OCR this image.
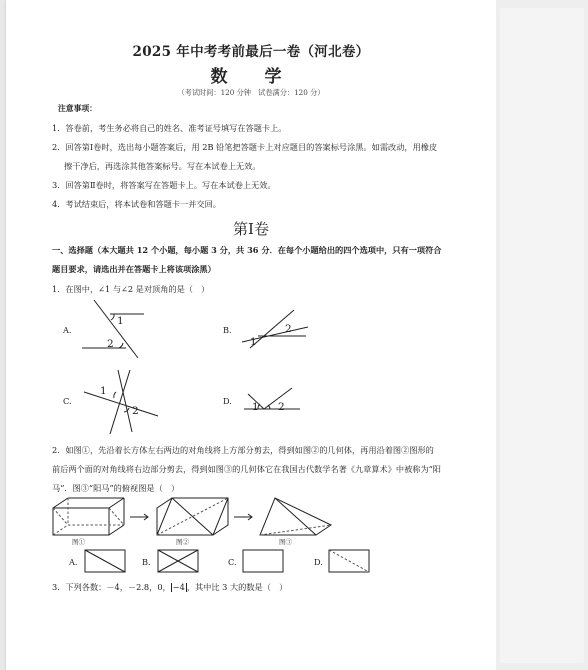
2025 年中考考前最后一卷（河北卷）
数　学
（考试时间：120 分钟　试卷满分：120 分）
注意事项：
1．答卷前，考生务必将自己的姓名、准考证号填写在答题卡上。
2．回答第Ⅰ卷时，选出每小题答案后，用 2B 铅笔把答题卡上对应题目的答案标号涂黑。如需改动，用橡皮
擦干净后，再选涂其他答案标号。写在本试卷上无效。
3．回答第Ⅱ卷时，将答案写在答题卡上。写在本试卷上无效。
4．考试结束后，将本试卷和答题卡一并交回。
第Ⅰ卷
一、选择题（本大题共 12 个小题，每小题 3 分，共 36 分．在每个小题给出的四个选项中，只有一项符合
题目要求，请选出并在答题卡上将该项涂黑）
1．在图中，∠1 与∠2 是对顶角的是（　）
A.
1
2
B.
1
2
C.
1
2
D. 1 2
2．如图①，先沿着长方体左右两边的对角线将上方部分剪去，得到如图②的几何体，再用沿着图②图形的
前后两个面的对角线将右边部分剪去，得到如图③的几何体它在我国古代数学名著《九章算术》中被称为“阳
马”．图③“阳马”的俯视图是（　）
图①	图②	图③
A.	B.	C.	D.
3．下列各数：－4，－2.8，0， −4 ，其中比 3 大的数是（　）
